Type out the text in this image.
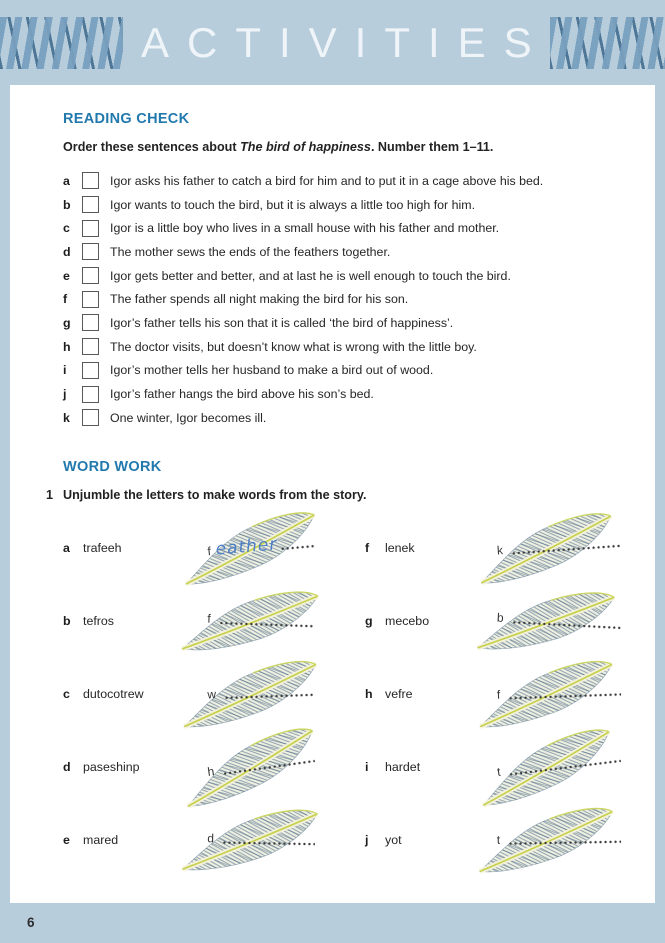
ACTIVITIES
READING CHECK

Order these sentences about The bird of happiness. Number them 1–11.

a	Igor asks his father to catch a bird for him and to put it in a cage above his bed.
b	Igor wants to touch the bird, but it is always a little too high for him.
c	Igor is a little boy who lives in a small house with his father and mother.
d	The mother sews the ends of the feathers together.
e	Igor gets better and better, and at last he is well enough to touch the bird.
f	The father spends all night making the bird for his son.
g	Igor’s father tells his son that it is called ‘the bird of happiness’.
h	The doctor visits, but doesn’t know what is wrong with the little boy.
i	Igor’s mother tells her husband to make a bird out of wood.
j	Igor’s father hangs the bird above his son’s bed.
k	One winter, Igor becomes ill.
WORD WORK

1 Unjumble the letters to make words from the story.

a	trafeeh	f eather	f	lenek	k
b	tefros	f	g	mecebo	b
c	dutocotrew	w	h	vefre	f
d	paseshinp	h	i	hardet	t
e	mared	d	j	yot	t
6
